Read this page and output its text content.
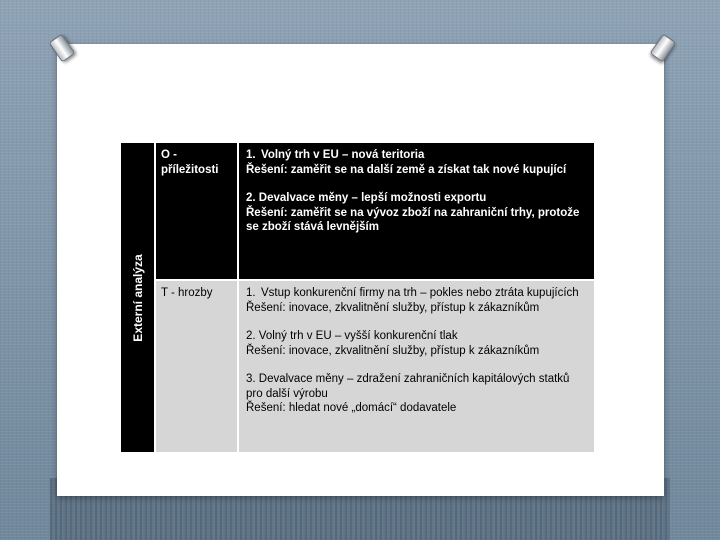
Externí analýza
O - příležitosti
1. Volný trh v EU – nová teritoria

Řešení: zaměřit se na další země a získat tak nové kupující

2. Devalvace měny – lepší možnosti exportu

Řešení: zaměřit se na vývoz zboží na zahraniční trhy, protože se zboží stává levnějším

T - hrozby	1. Vstup konkurenční firmy na trh – pokles nebo ztráta kupujících

Řešení: inovace, zkvalitnění služby, přístup k zákazníkům

2. Volný trh v EU – vyšší konkurenční tlak

Řešení: inovace, zkvalitnění služby, přístup k zákazníkům

3. Devalvace měny – zdražení zahraničních kapitálových statků pro další výrobu

Řešení: hledat nové „domácí“ dodavatele
